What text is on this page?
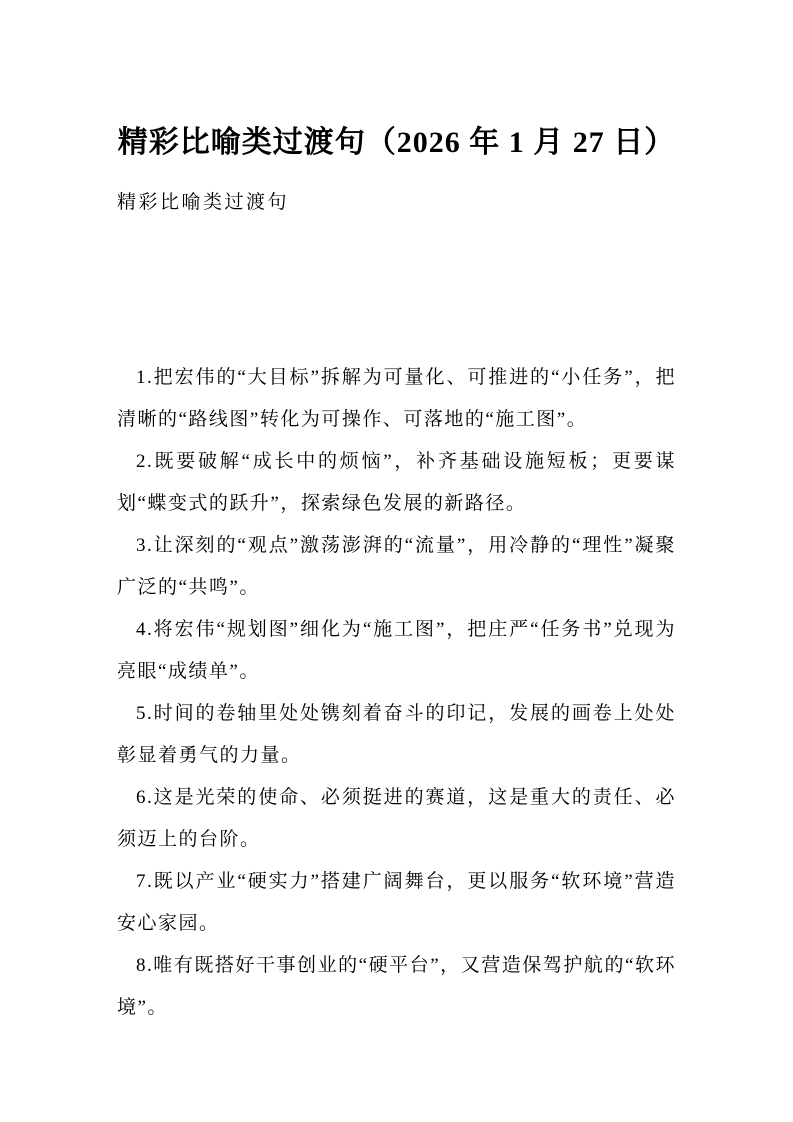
精彩比喻类过渡句（2026 年 1 月 27 日）

精彩比喻类过渡句

1.把宏伟的“大目标”拆解为可量化、可推进的“小任务”，把清晰的“路线图”转化为可操作、可落地的“施工图”。

2.既要破解“成长中的烦恼”，补齐基础设施短板；更要谋划“蝶变式的跃升”，探索绿色发展的新路径。

3.让深刻的“观点”激荡澎湃的“流量”，用冷静的“理性”凝聚广泛的“共鸣”。

4.将宏伟“规划图”细化为“施工图”，把庄严“任务书”兑现为亮眼“成绩单”。

5.时间的卷轴里处处镌刻着奋斗的印记，发展的画卷上处处彰显着勇气的力量。

6.这是光荣的使命、必须挺进的赛道，这是重大的责任、必须迈上的台阶。

7.既以产业“硬实力”搭建广阔舞台，更以服务“软环境”营造安心家园。

8.唯有既搭好干事创业的“硬平台”，又营造保驾护航的“软环境”。
